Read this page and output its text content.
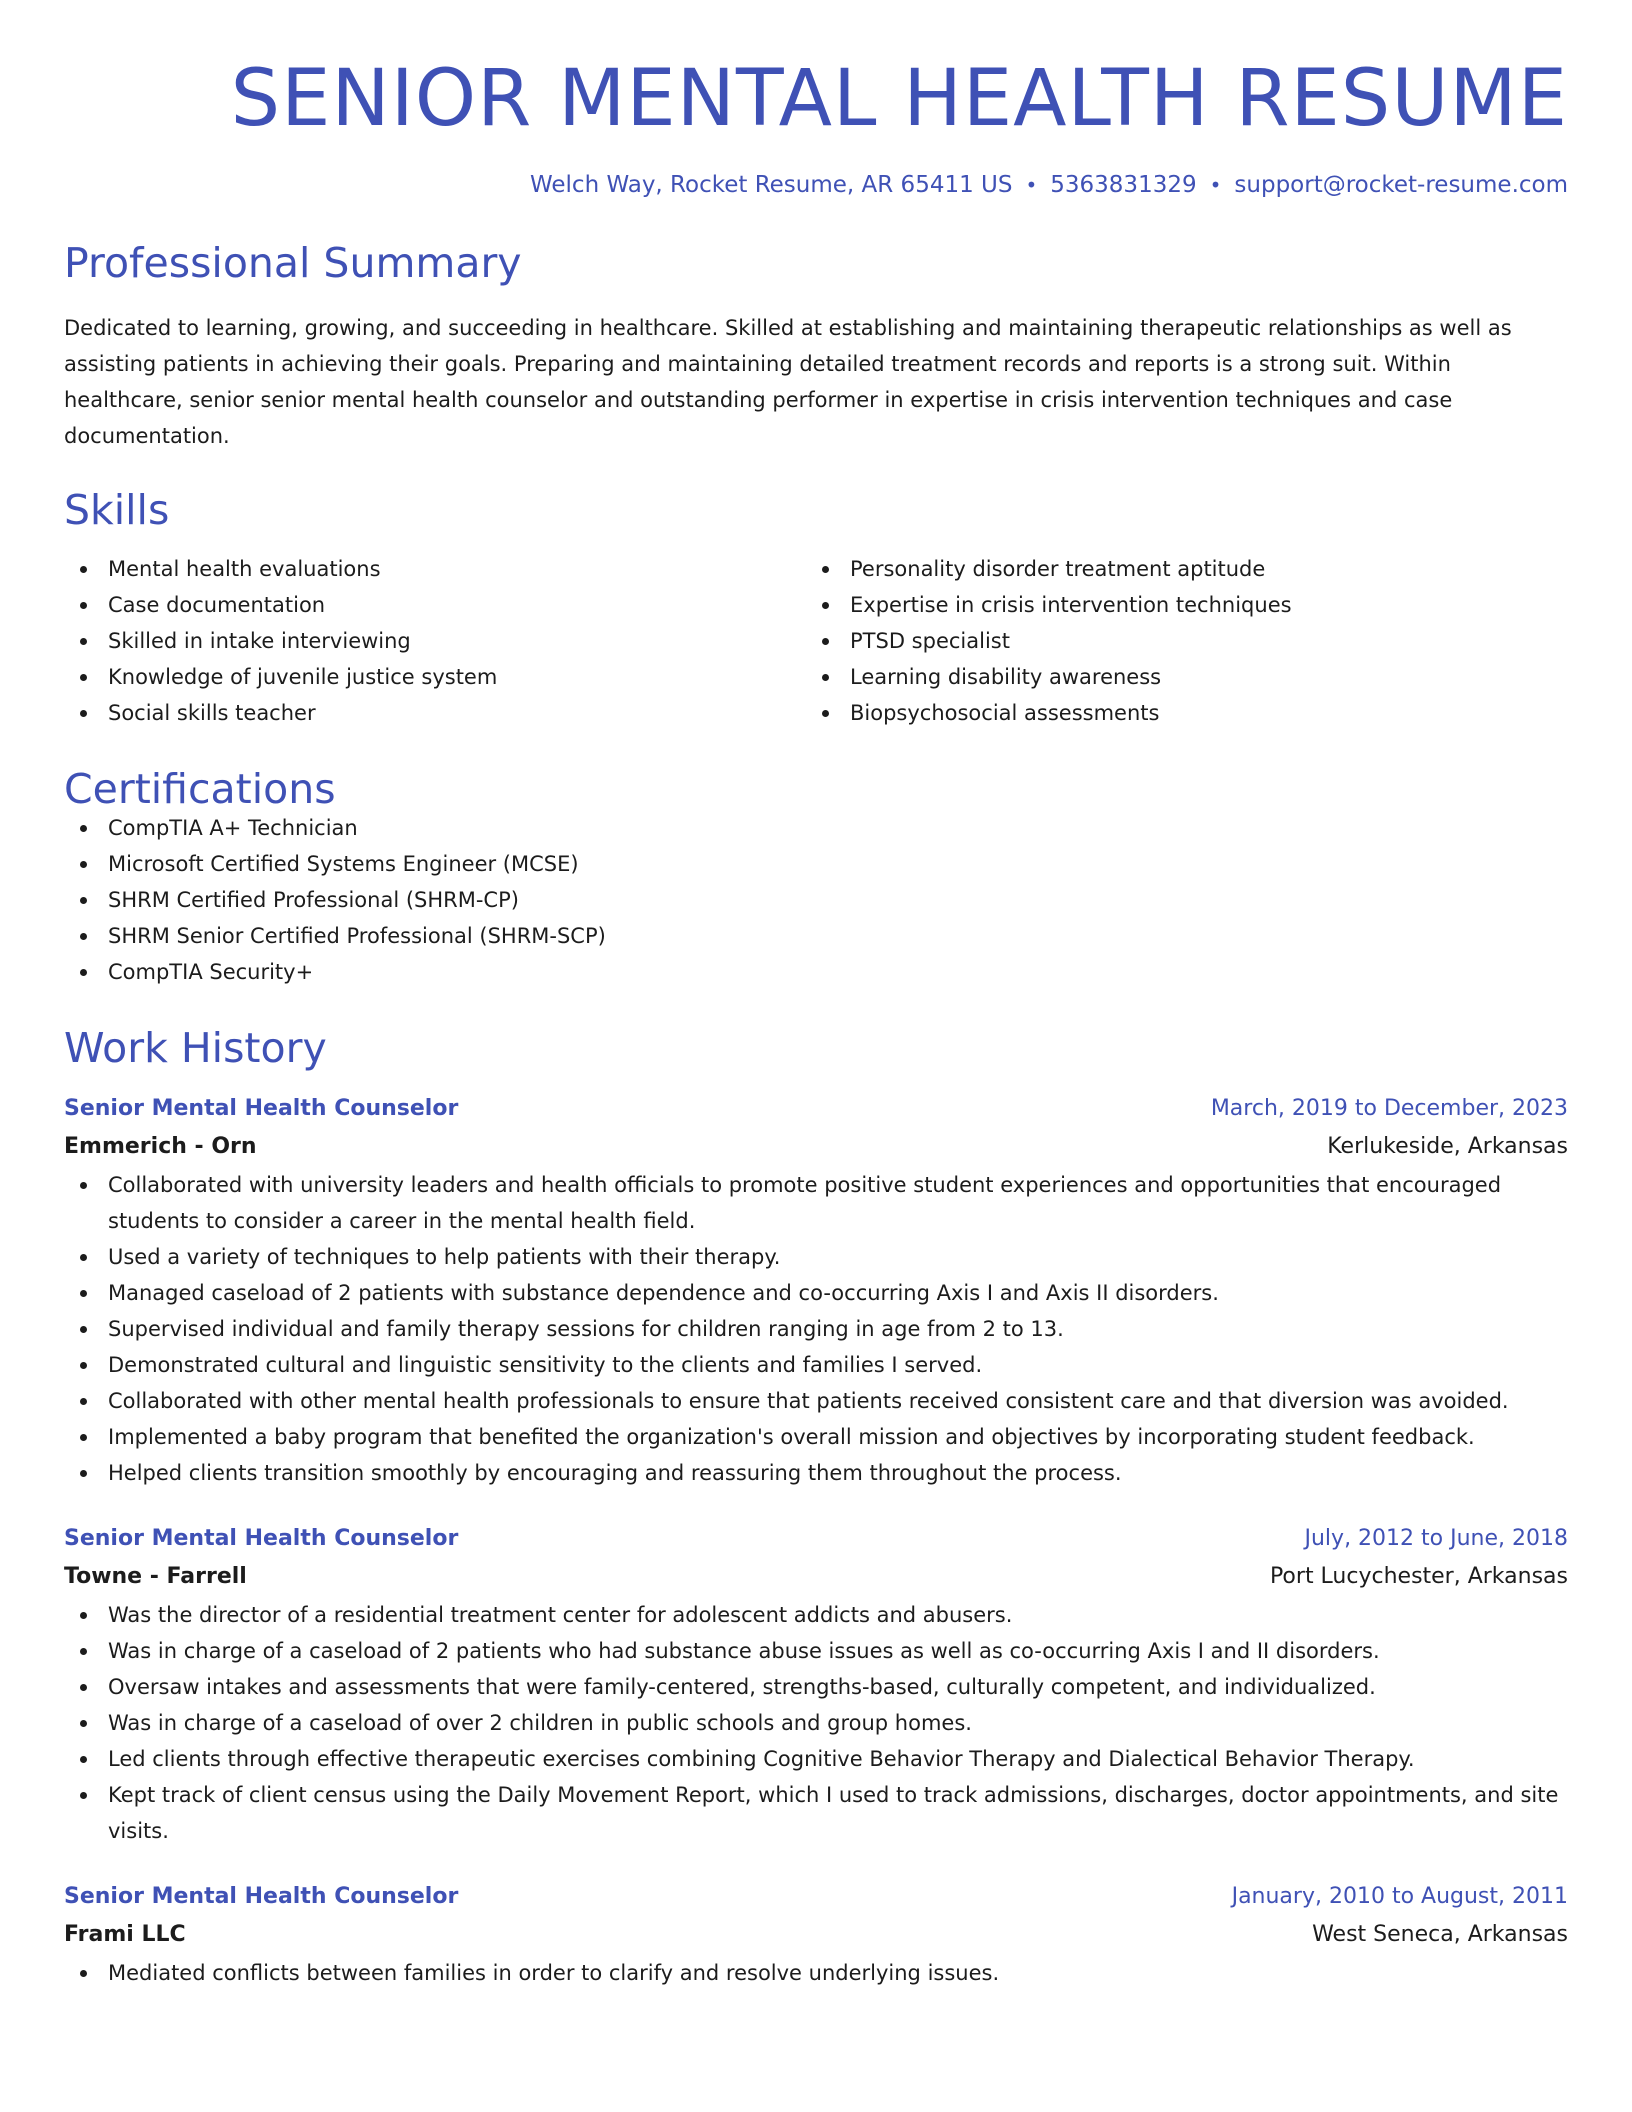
SENIOR MENTAL HEALTH RESUME
Welch Way, Rocket Resume, AR 65411 US • 5363831329 • support@rocket-resume.com
Professional Summary
Dedicated to learning, growing, and succeeding in healthcare. Skilled at establishing and maintaining therapeutic relationships as well as assisting patients in achieving their goals. Preparing and maintaining detailed treatment records and reports is a strong suit. Within healthcare, senior senior mental health counselor and outstanding performer in expertise in crisis intervention techniques and case documentation.
Skills
Mental health evaluations
Case documentation
Skilled in intake interviewing
Knowledge of juvenile justice system
Social skills teacher
Personality disorder treatment aptitude
Expertise in crisis intervention techniques
PTSD specialist
Learning disability awareness
Biopsychosocial assessments
Certifications
CompTIA A+ Technician
Microsoft Certified Systems Engineer (MCSE)
SHRM Certified Professional (SHRM-CP)
SHRM Senior Certified Professional (SHRM-SCP)
CompTIA Security+
Work History
Senior Mental Health Counselor	March, 2019 to December, 2023
Emmerich - Orn	Kerlukeside, Arkansas
Collaborated with university leaders and health officials to promote positive student experiences and opportunities that encouraged students to consider a career in the mental health field.
Used a variety of techniques to help patients with their therapy.
Managed caseload of 2 patients with substance dependence and co-occurring Axis I and Axis II disorders.
Supervised individual and family therapy sessions for children ranging in age from 2 to 13.
Demonstrated cultural and linguistic sensitivity to the clients and families I served.
Collaborated with other mental health professionals to ensure that patients received consistent care and that diversion was avoided.
Implemented a baby program that benefited the organization's overall mission and objectives by incorporating student feedback.
Helped clients transition smoothly by encouraging and reassuring them throughout the process.
Senior Mental Health Counselor	July, 2012 to June, 2018
Towne - Farrell	Port Lucychester, Arkansas
Was the director of a residential treatment center for adolescent addicts and abusers.
Was in charge of a caseload of 2 patients who had substance abuse issues as well as co-occurring Axis I and II disorders.
Oversaw intakes and assessments that were family-centered, strengths-based, culturally competent, and individualized.
Was in charge of a caseload of over 2 children in public schools and group homes.
Led clients through effective therapeutic exercises combining Cognitive Behavior Therapy and Dialectical Behavior Therapy.
Kept track of client census using the Daily Movement Report, which I used to track admissions, discharges, doctor appointments, and site visits.
Senior Mental Health Counselor	January, 2010 to August, 2011
Frami LLC	West Seneca, Arkansas
Mediated conflicts between families in order to clarify and resolve underlying issues.
